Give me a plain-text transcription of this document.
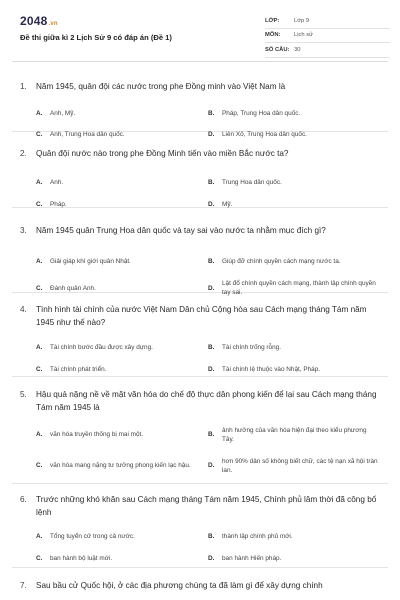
2048.vn
Đề thi giữa kì 2 Lịch Sử 9 có đáp án (Đề 1)
LỚP:	Lớp 9
MÔN:	Lịch sử
SỐ CÂU: 30
1.	Năm 1945, quân đội các nước trong phe Đồng minh vào Việt Nam là
A.	Anh, Mỹ.	B.	Pháp, Trung Hoa dân quốc.
C.	Anh, Trung Hoa dân quốc.	D.	Liên Xô, Trung Hoa dân quốc.
2.	Quân đội nước nào trong phe Đồng Minh tiến vào miền Bắc nước ta?
A.	Anh.	B.	Trung Hoa dân quốc.
C.	Pháp.	D.	Mỹ.
3.	Năm 1945 quân Trung Hoa dân quốc và tay sai vào nước ta nhằm mục đích gì?
A.	Giải giáp khí giới quân Nhật.	B.	Giúp đỡ chính quyền cách mạng nước ta.
C.	Đánh quân Anh.	D.
Lật đổ chính quyền cách mạng, thành lập chính quyền tay sai.
4.	Tình hình tài chính của nước Việt Nam Dân chủ Cộng hòa sau Cách mạng tháng Tám năm 1945 như thế nào?
A.	Tài chính bước đầu được xây dựng.	B.	Tài chính trống rỗng.
C.	Tài chính phát triển.	D.	Tài chính lệ thuộc vào Nhật, Pháp.
5.	Hậu quả nặng nề về mặt văn hóa do chế độ thực dân phong kiến để lại sau Cách mạng tháng Tám năm 1945 là
A.	văn hóa truyền thống bị mai một.	B.
ảnh hưởng của văn hóa hiện đại theo kiểu phương Tây.
C.	văn hóa mang nặng tư tưởng phong kiến lạc hậu.	D.
hơn 90% dân số không biết chữ, các tệ nạn xã hội tràn lan.
6.	Trước những khó khăn sau Cách mạng tháng Tám năm 1945, Chính phủ lâm thời đã công bố lệnh
A.	Tổng tuyển cử trong cả nước.	B.	thành lập chính phủ mới.
C.	ban hành bộ luật mới.	D.	ban hành Hiến pháp.
7.	Sau bầu cử Quốc hội, ở các địa phương chúng ta đã làm gì để xây dựng chính
